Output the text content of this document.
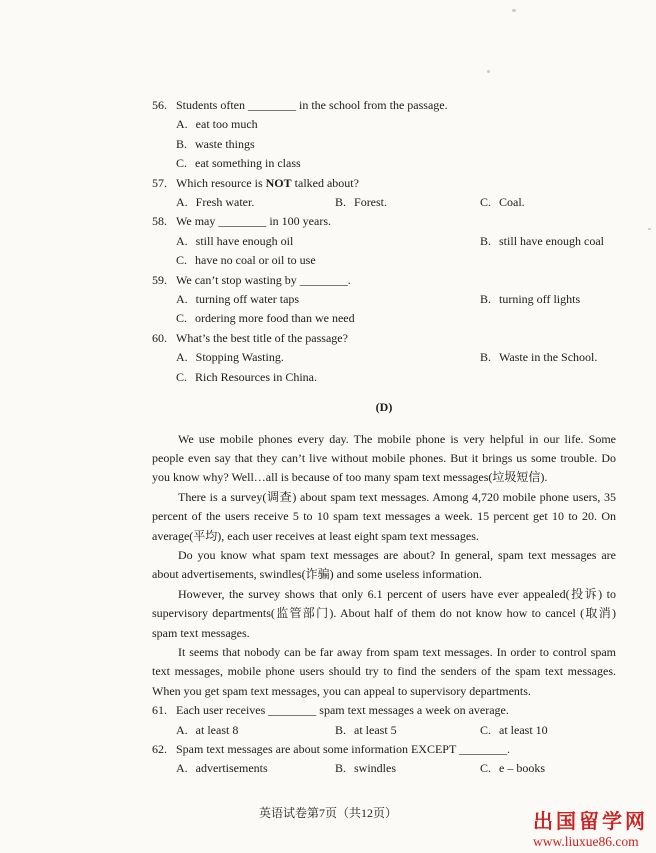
56. Students often ________ in the school from the passage.
A. eat too much
B. waste things
C. eat something in class
57. Which resource is NOT talked about?
A. Fresh water.	B. Forest.	C. Coal.
58. We may ________ in 100 years.
A. still have enough oil	B. still have enough coal
C. have no coal or oil to use
59. We can’t stop wasting by ________.
A. turning off water taps	B. turning off lights
C. ordering more food than we need
60. What’s the best title of the passage?
A. Stopping Wasting.	B. Waste in the School.
C. Rich Resources in China.
(D)

We use mobile phones every day. The mobile phone is very helpful in our life. Some people even say that they can’t live without mobile phones. But it brings us some trouble. Do you know why? Well…all is because of too many spam text messages(垃圾短信).

There is a survey(调查) about spam text messages. Among 4,720 mobile phone users, 35 percent of the users receive 5 to 10 spam text messages a week. 15 percent get 10 to 20. On average(平均), each user receives at least eight spam text messages.

Do you know what spam text messages are about? In general, spam text messages are about advertisements, swindles(诈骗) and some useless information.

However, the survey shows that only 6.1 percent of users have ever appealed(投诉) to supervisory departments(监管部门). About half of them do not know how to cancel (取消) spam text messages.

It seems that nobody can be far away from spam text messages. In order to control spam text messages, mobile phone users should try to find the senders of the spam text messages. When you get spam text messages, you can appeal to supervisory departments.

61. Each user receives ________ spam text messages a week on average.
A. at least 8	B. at least 5	C. at least 10
62. Spam text messages are about some information EXCEPT ________.
A. advertisements	B. swindles	C. e – books
英语试卷第7页（共12页）	出国留学网
www.liuxue86.com
